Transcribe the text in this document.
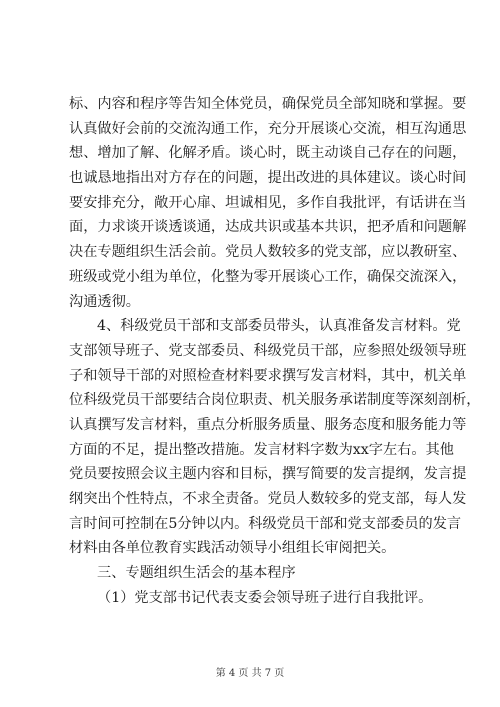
标、内容和程序等告知全体党员，确保党员全部知晓和掌握。要
认真做好会前的交流沟通工作，充分开展谈心交流，相互沟通思
想、增加了解、化解矛盾。谈心时，既主动谈自己存在的问题，
也诚恳地指出对方存在的问题，提出改进的具体建议。谈心时间
要安排充分，敞开心扉、坦诚相见，多作自我批评，有话讲在当
面，力求谈开谈透谈通，达成共识或基本共识，把矛盾和问题解
决在专题组织生活会前。党员人数较多的党支部，应以教研室、
班级或党小组为单位，化整为零开展谈心工作，确保交流深入，
沟通透彻。
4、科级党员干部和支部委员带头，认真准备发言材料。党
支部领导班子、党支部委员、科级党员干部，应参照处级领导班
子和领导干部的对照检查材料要求撰写发言材料，其中，机关单
位科级党员干部要结合岗位职责、机关服务承诺制度等深刻剖析，
认真撰写发言材料，重点分析服务质量、服务态度和服务能力等
方面的不足，提出整改措施。发言材料字数为xx字左右。其他
党员要按照会议主题内容和目标，撰写简要的发言提纲，发言提
纲突出个性特点，不求全责备。党员人数较多的党支部，每人发
言时间可控制在5分钟以内。科级党员干部和党支部委员的发言
材料由各单位教育实践活动领导小组组长审阅把关。
三、专题组织生活会的基本程序
（1）党支部书记代表支委会领导班子进行自我批评。
第 4 页 共 7 页
